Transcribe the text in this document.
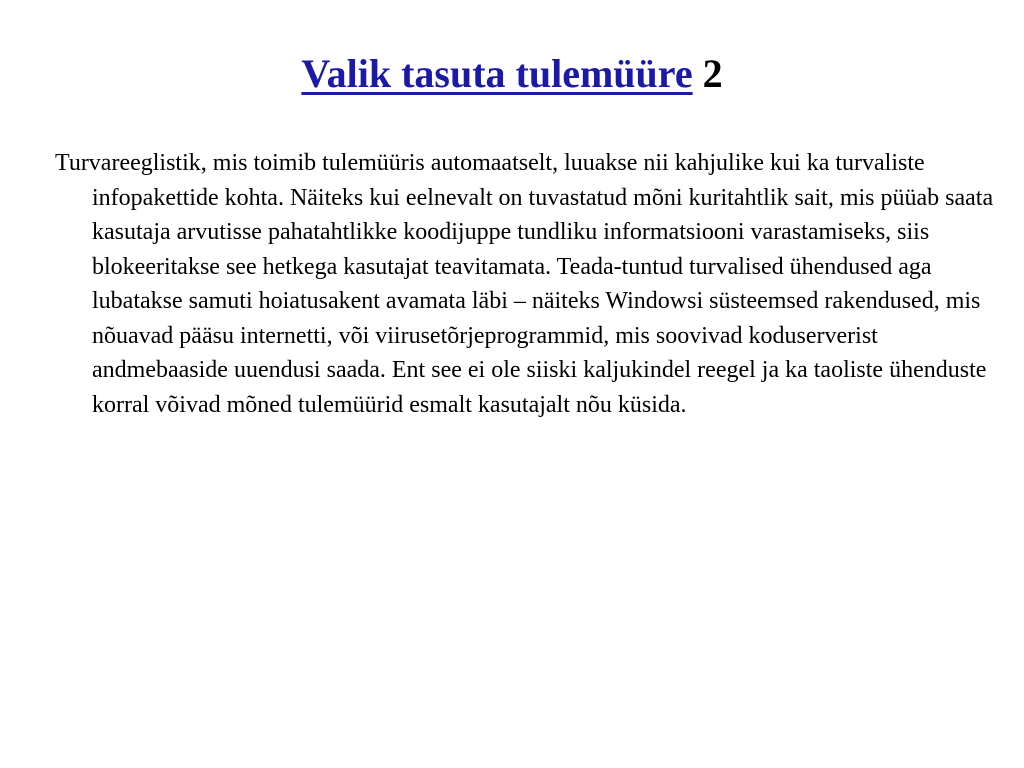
Valik tasuta tulemüüre 2

Turvareeglistik, mis toimib tulemüüris automaatselt, luuakse nii kahjulike kui ka turvaliste infopakettide kohta. Näiteks kui eelnevalt on tuvastatud mõni kuritahtlik sait, mis püüab saata kasutaja arvutisse pahatahtlikke koodijuppe tundliku informatsiooni varastamiseks, siis blokeeritakse see hetkega kasutajat teavitamata. Teada-tuntud turvalised ühendused aga lubatakse samuti hoiatusakent avamata läbi – näiteks Windowsi süsteemsed rakendused, mis nõuavad pääsu internetti, või viirusetõrjeprogrammid, mis soovivad koduserverist andmebaaside uuendusi saada. Ent see ei ole siiski kaljukindel reegel ja ka taoliste ühenduste korral võivad mõned tulemüürid esmalt kasutajalt nõu küsida.
